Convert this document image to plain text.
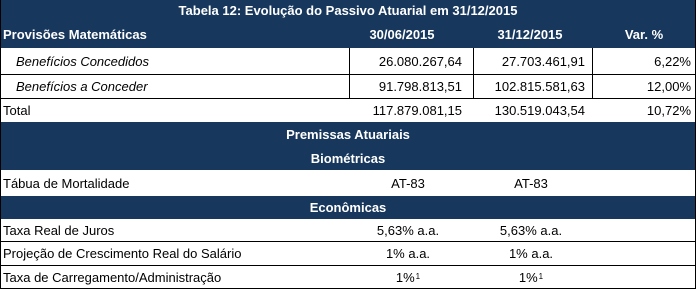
Tabela 12: Evolução do Passivo Atuarial em 31/12/2015
Provisões Matemáticas	30/06/2015	31/12/2015	Var. %
Benefícios Concedidos	26.080.267,64	27.703.461,91	6,22%
Benefícios a Conceder	91.798.813,51	102.815.581,63	12,00%
Total	117.879.081,15	130.519.043,54	10,72%
Premissas Atuariais
Biométricas
Tábua de Mortalidade	AT-83	AT-83
Econômicas
Taxa Real de Juros	5,63% a.a.	5,63% a.a.
Projeção de Crescimento Real do Salário	1% a.a.	1% a.a.
Taxa de Carregamento/Administração	1% 1	1% 1
